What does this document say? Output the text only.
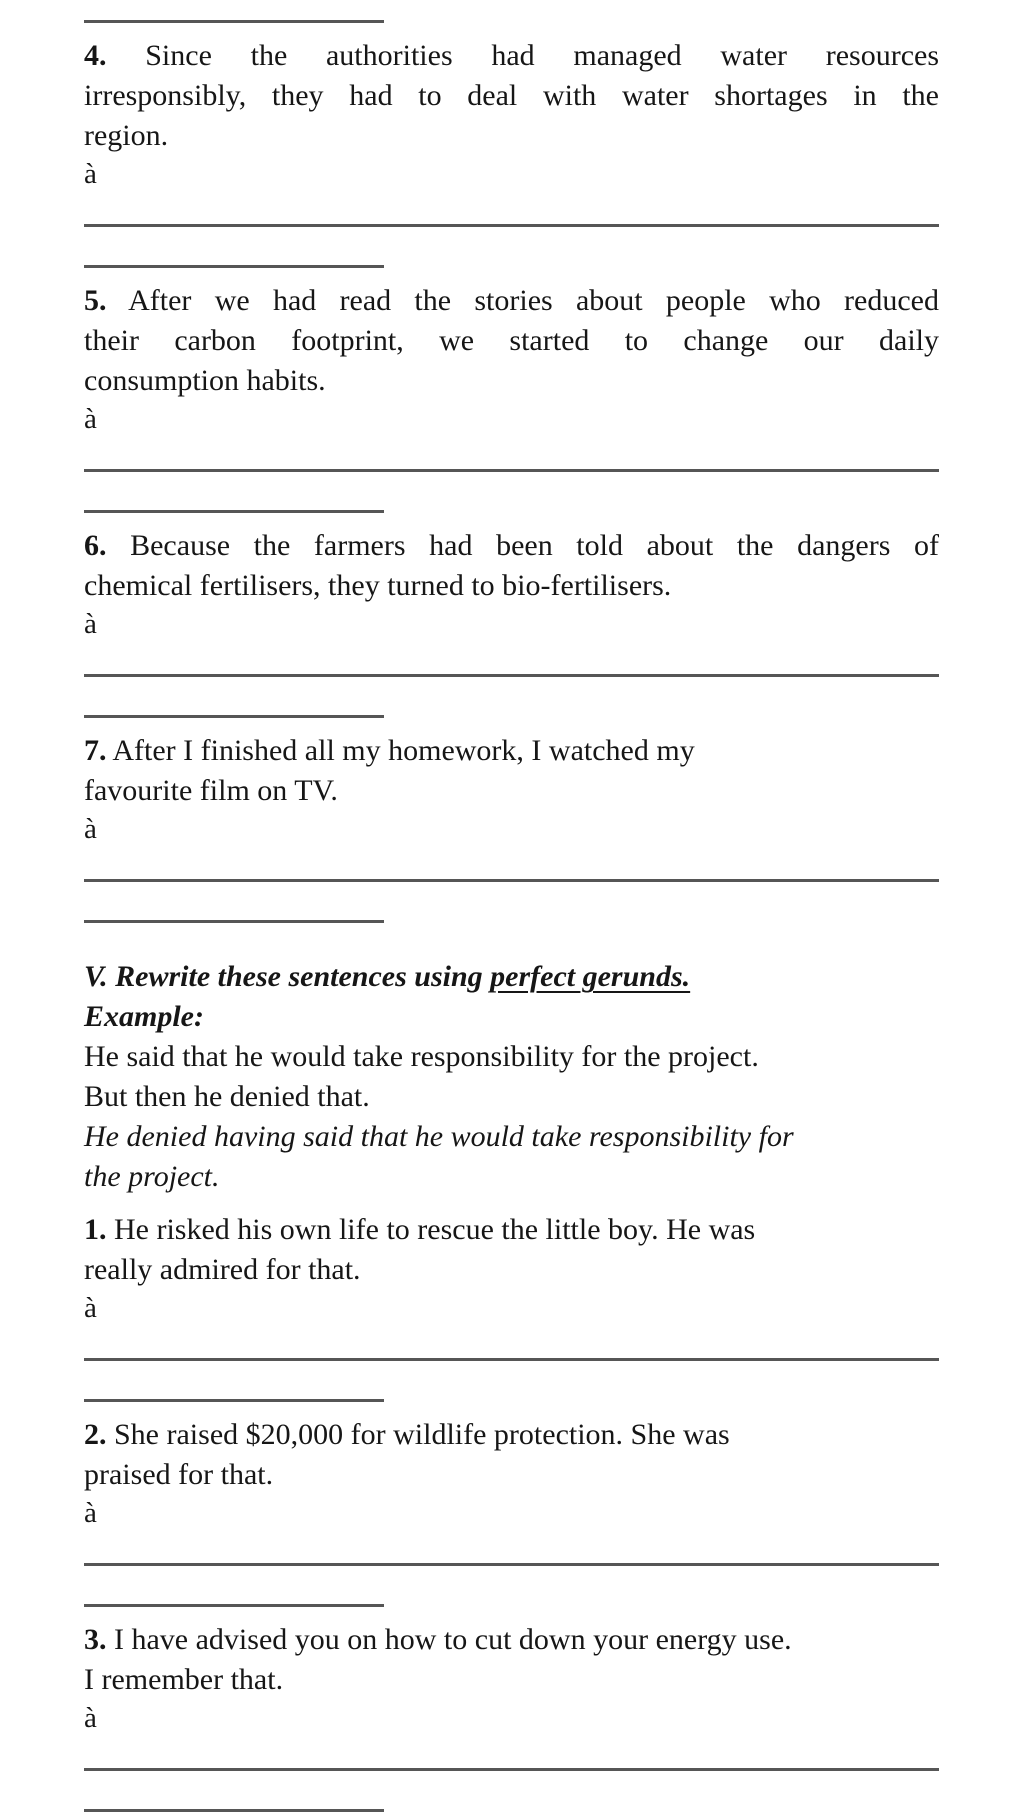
4. Since the authorities had managed water resources
irresponsibly, they had to deal with water shortages in the
region.
à
5. After we had read the stories about people who reduced
their carbon footprint, we started to change our daily
consumption habits.
à
6. Because the farmers had been told about the dangers of
chemical fertilisers, they turned to bio-fertilisers.
à
7. After I finished all my homework, I watched my
favourite film on TV.
à
V. Rewrite these sentences using perfect gerunds.
Example:
He said that he would take responsibility for the project.
But then he denied that.
He denied having said that he would take responsibility for
the project.
1. He risked his own life to rescue the little boy. He was
really admired for that.
à
2. She raised $20,000 for wildlife protection. She was
praised for that.
à
3. I have advised you on how to cut down your energy use.
I remember that.
à
